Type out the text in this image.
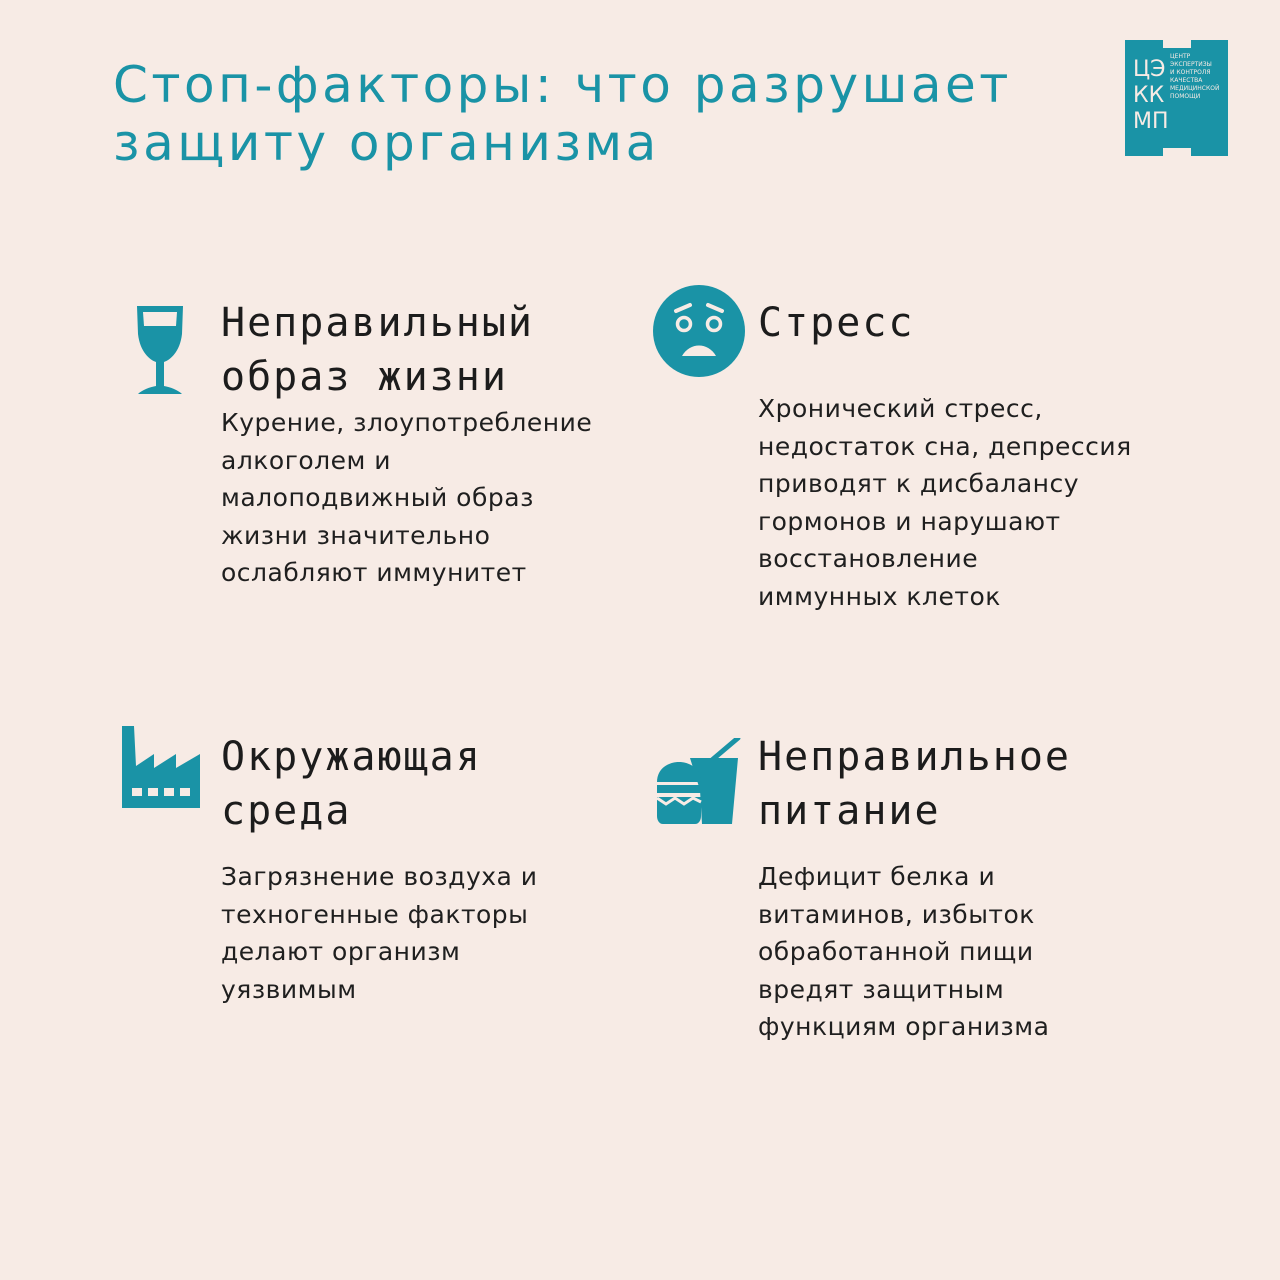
Стоп-факторы: что разрушает
защиту организма
ЦЭ
КК
МП
ЦЕНТР
ЭКСПЕРТИЗЫ
И КОНТРОЛЯ
КАЧЕСТВА
МЕДИЦИНСКОЙ
ПОМОЩИ
Неправильный
образ жизни

Курение, злоупотребление
алкоголем и
малоподвижный образ
жизни значительно
ослабляют иммунитет

Стресс

Хронический стресс,
недостаток сна, депрессия
приводят к дисбалансу
гормонов и нарушают
восстановление
иммунных клеток

Окружающая
среда

Загрязнение воздуха и
техногенные факторы
делают организм
уязвимым

Неправильное
питание

Дефицит белка и
витаминов, избыток
обработанной пищи
вредят защитным
функциям организма
